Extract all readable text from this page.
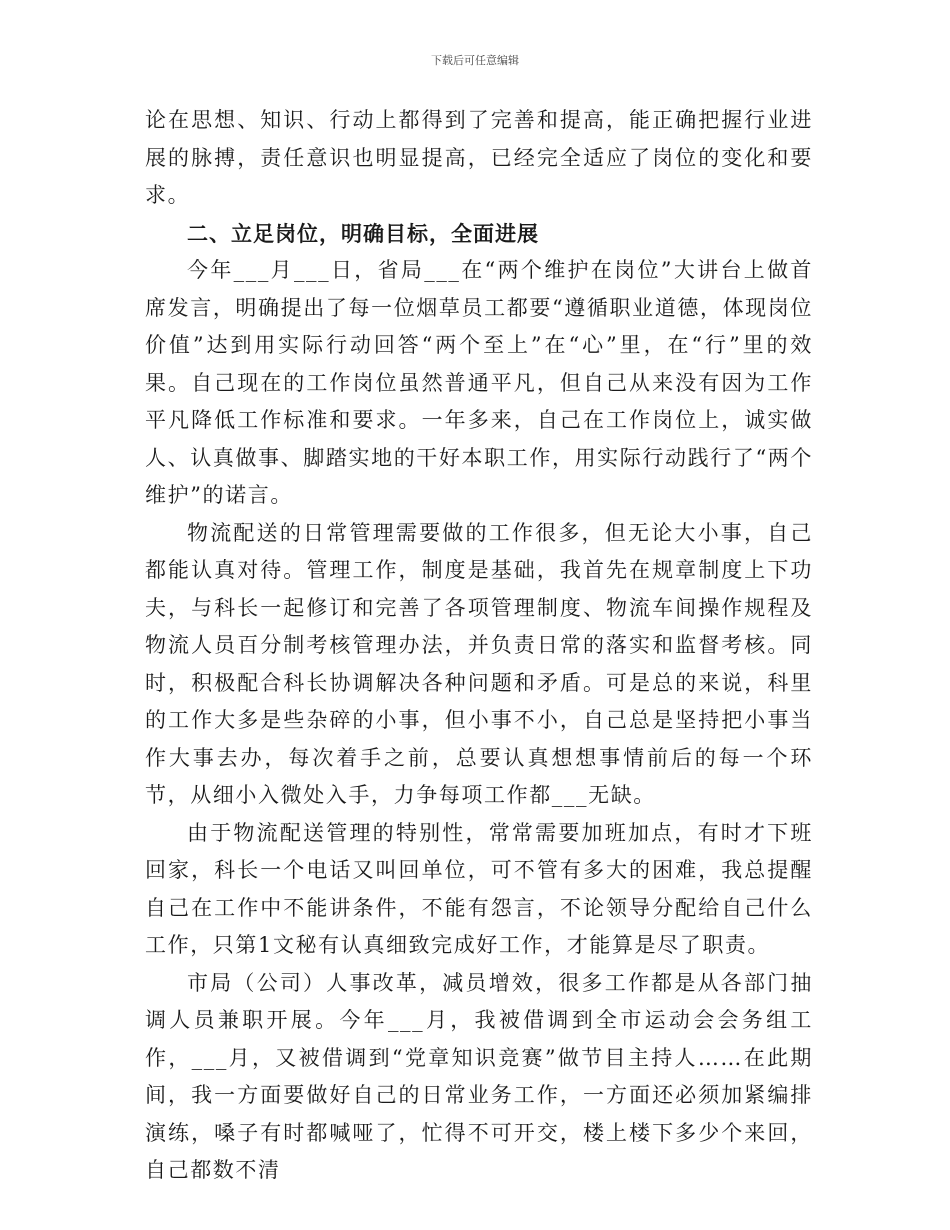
下载后可任意编辑

论在思想、知识、行动上都得到了完善和提高，能正确把握行业进展的脉搏，责任意识也明显提高，已经完全适应了岗位的变化和要求。

二、立足岗位，明确目标，全面进展

今年___月___日，省局___在“两个维护在岗位”大讲台上做首席发言，明确提出了每一位烟草员工都要“遵循职业道德，体现岗位价值”达到用实际行动回答“两个至上”在“心”里，在“行”里的效果。自己现在的工作岗位虽然普通平凡，但自己从来没有因为工作平凡降低工作标准和要求。一年多来，自己在工作岗位上，诚实做人、认真做事、脚踏实地的干好本职工作，用实际行动践行了“两个维护”的诺言。

物流配送的日常管理需要做的工作很多，但无论大小事，自己都能认真对待。管理工作，制度是基础，我首先在规章制度上下功夫，与科长一起修订和完善了各项管理制度、物流车间操作规程及物流人员百分制考核管理办法，并负责日常的落实和监督考核。同时，积极配合科长协调解决各种问题和矛盾。可是总的来说，科里的工作大多是些杂碎的小事，但小事不小，自己总是坚持把小事当作大事去办，每次着手之前，总要认真想想事情前后的每一个环节，从细小入微处入手，力争每项工作都___无缺。

由于物流配送管理的特别性，常常需要加班加点，有时才下班回家，科长一个电话又叫回单位，可不管有多大的困难，我总提醒自己在工作中不能讲条件，不能有怨言，不论领导分配给自己什么工作，只第1文秘有认真细致完成好工作，才能算是尽了职责。

市局（公司）人事改革，减员增效，很多工作都是从各部门抽调人员兼职开展。今年___月，我被借调到全市运动会会务组工作，___月，又被借调到“党章知识竞赛”做节目主持人……在此期间，我一方面要做好自己的日常业务工作，一方面还必须加紧编排演练，嗓子有时都喊哑了，忙得不可开交，楼上楼下多少个来回，自己都数不清
